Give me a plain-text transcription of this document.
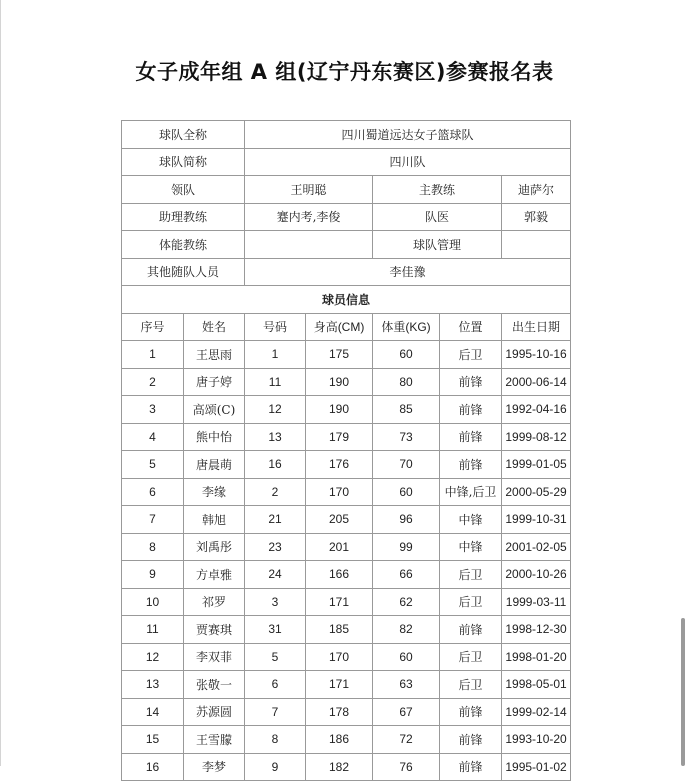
女子成年组 A 组(辽宁丹东赛区)参赛报名表
球队全称		四川蜀道远达女子篮球队				
球队简称		四川队				
领队		王明聪		主教练		迪萨尔
助理教练		蹇内考,李俊		队医		郭毅
体能教练				球队管理		
其他随队人员		李佳豫				
球员信息						
序号	姓名	号码	身高(CM)	体重(KG)	位置	出生日期
1	王思雨	1	175	60	后卫	1995-10-16
2	唐子婷	11	190	80	前锋	2000-06-14
3	高颂(C)	12	190	85	前锋	1992-04-16
4	熊中怡	13	179	73	前锋	1999-08-12
5	唐晨萌	16	176	70	前锋	1999-01-05
6	李缘	2	170	60	中锋,后卫	2000-05-29
7	韩旭	21	205	96	中锋	1999-10-31
8	刘禹彤	23	201	99	中锋	2001-02-05
9	方卓雅	24	166	66	后卫	2000-10-26
10	祁罗	3	171	62	后卫	1999-03-11
11	贾赛琪	31	185	82	前锋	1998-12-30
12	李双菲	5	170	60	后卫	1998-01-20
13	张敬一	6	171	63	后卫	1998-05-01
14	苏源圆	7	178	67	前锋	1999-02-14
15	王雪朦	8	186	72	前锋	1993-10-20
16	李梦	9	182	76	前锋	1995-01-02
